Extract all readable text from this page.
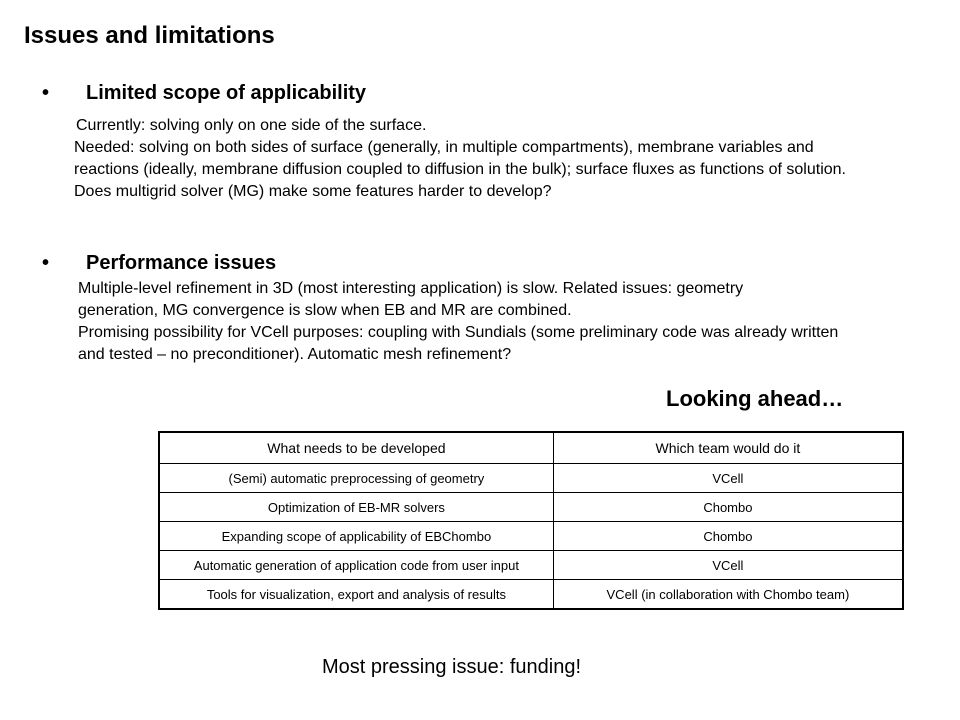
Issues and limitations
•	Limited scope of applicability
Currently: solving only on one side of the surface.
Needed: solving on both sides of surface (generally, in multiple compartments), membrane variables and reactions (ideally, membrane diffusion coupled to diffusion in the bulk); surface fluxes as functions of solution. Does multigrid solver (MG) make some features harder to develop?
•	Performance issues
Multiple-level refinement in 3D (most interesting application) is slow. Related issues: geometry generation, MG convergence is slow when EB and MR are combined.
Promising possibility for VCell purposes: coupling with Sundials (some preliminary code was already written and tested – no preconditioner). Automatic mesh refinement?
Looking ahead…
What needs to be developed	Which team would do it
(Semi) automatic preprocessing of geometry	VCell
Optimization of EB-MR solvers	Chombo
Expanding scope of applicability of EBChombo	Chombo
Automatic generation of application code from user input	VCell
Tools for visualization, export and analysis of results	VCell (in collaboration with Chombo team)
Most pressing issue: funding!
